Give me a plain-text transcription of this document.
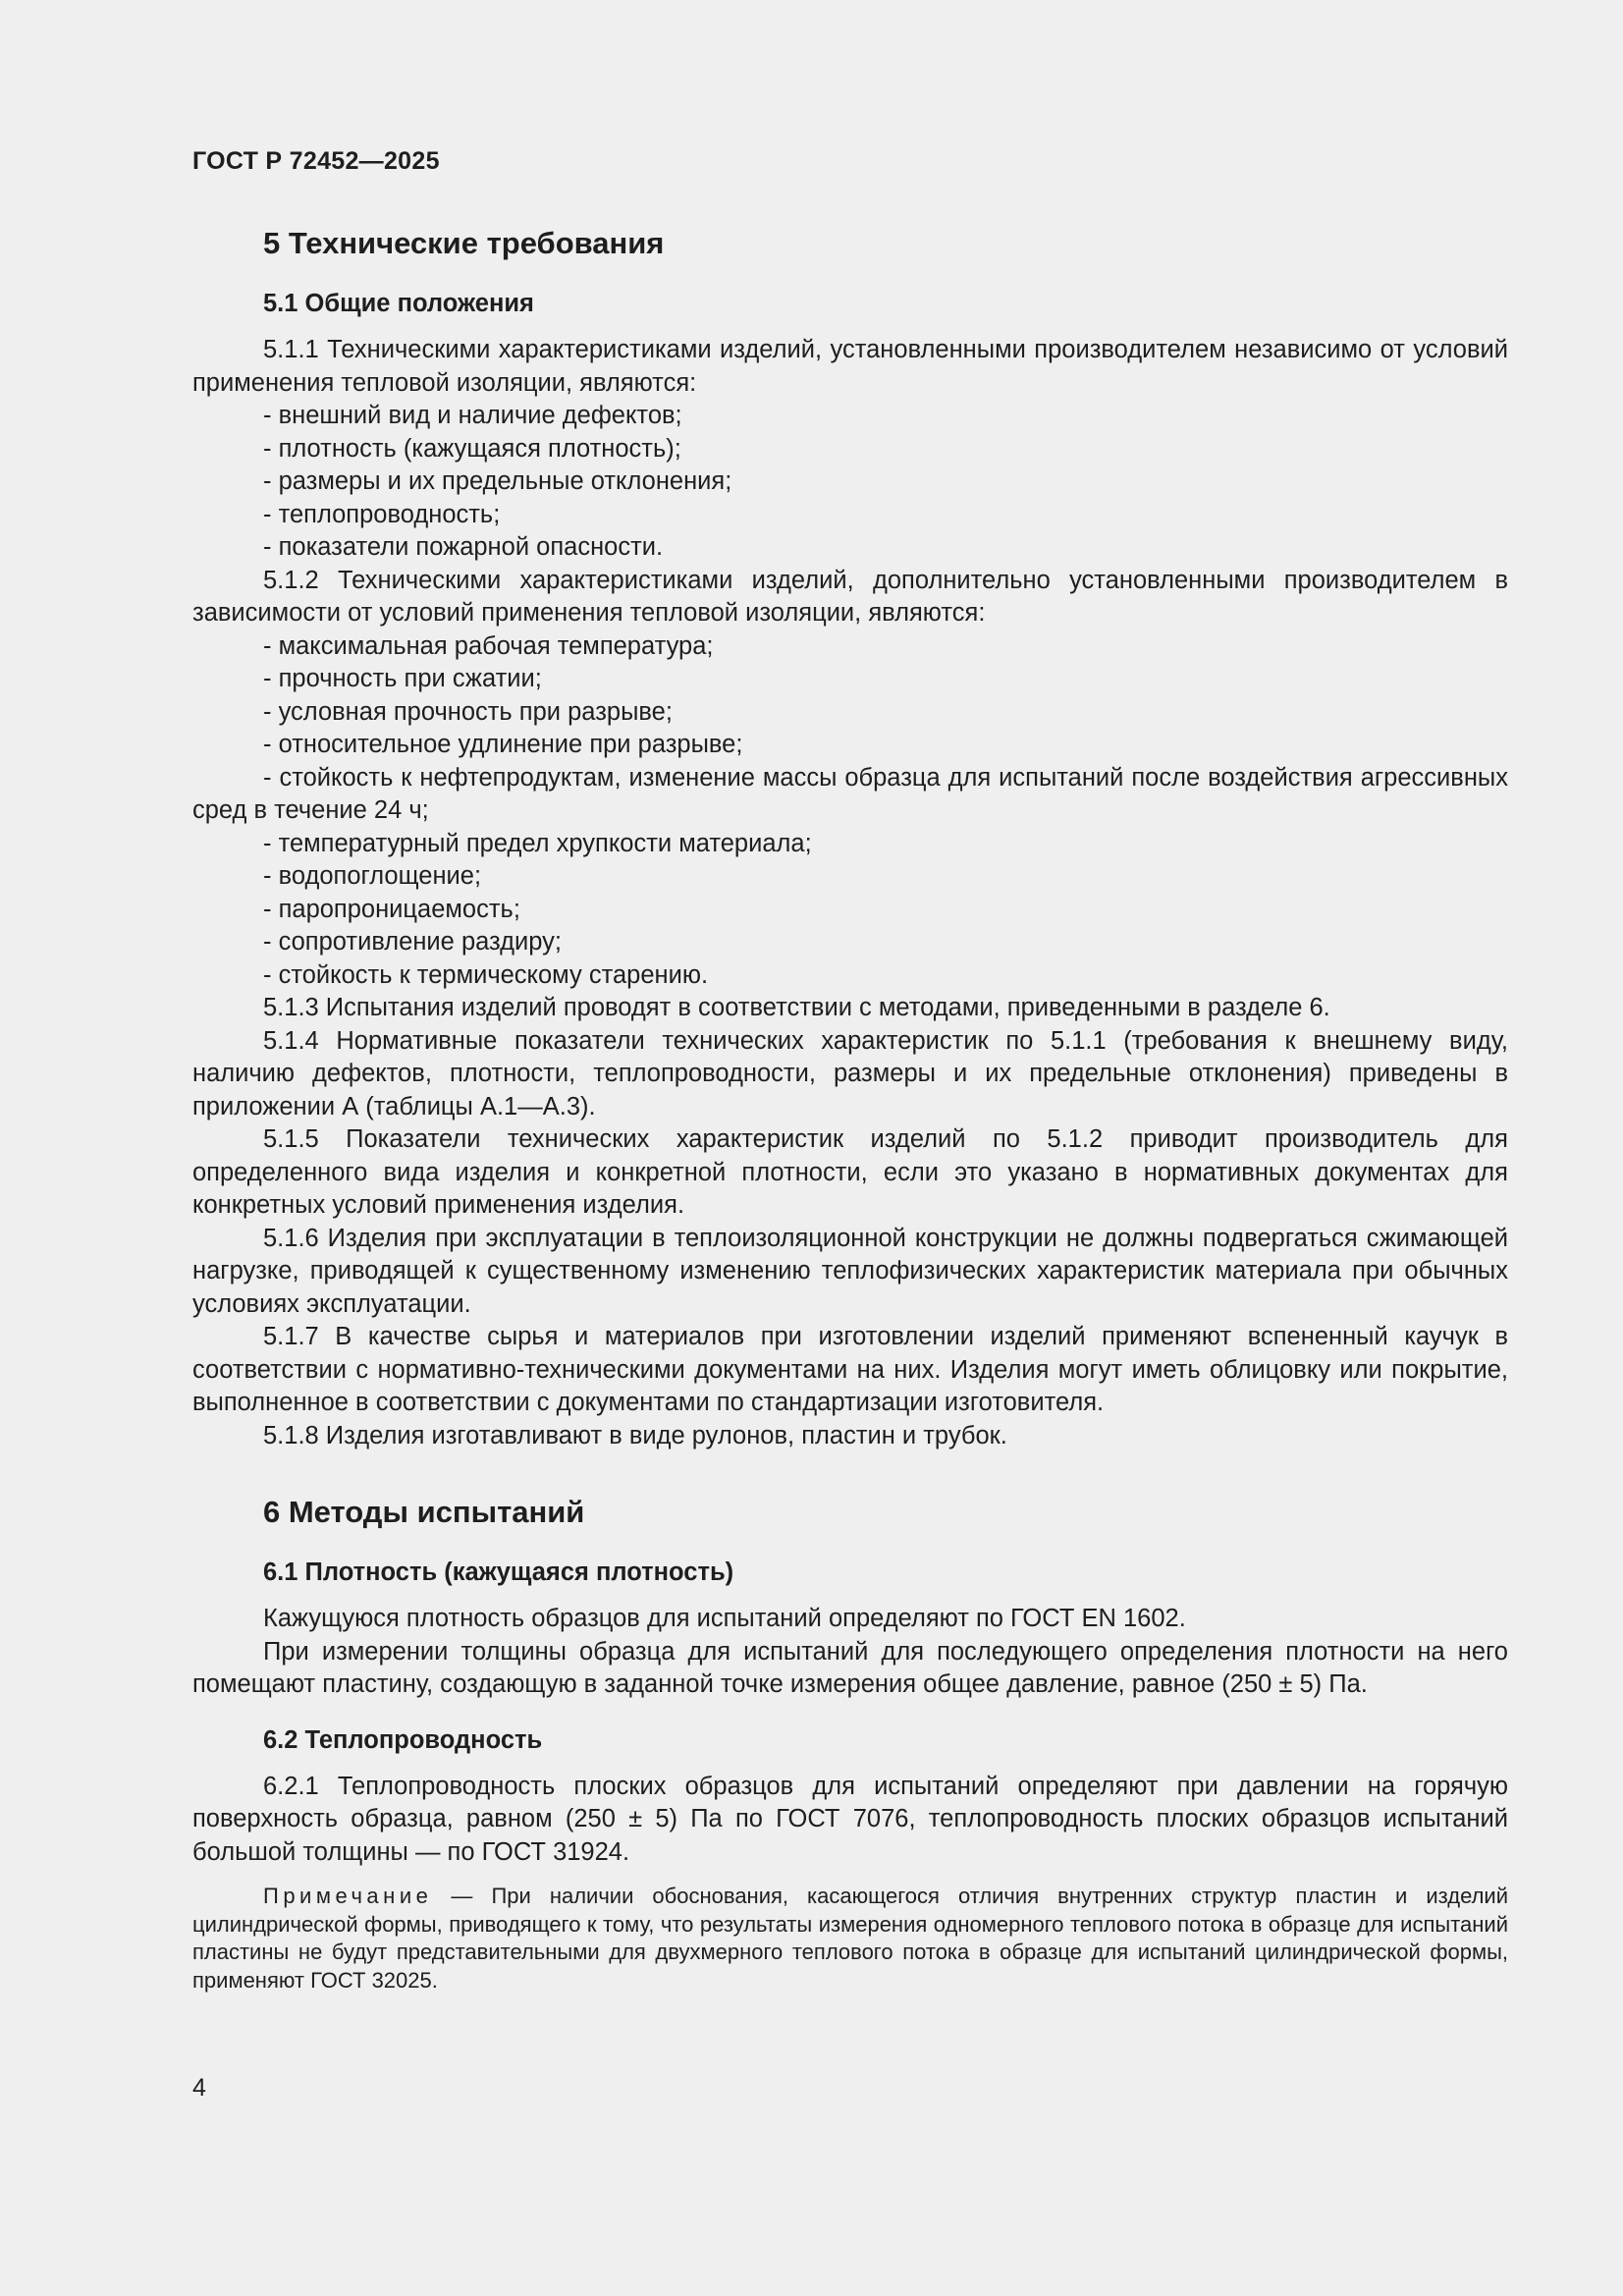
ГОСТ Р 72452—2025
5 Технические требования
5.1 Общие положения

5.1.1 Техническими характеристиками изделий, установленными производителем независимо от условий применения тепловой изоляции, являются:

- внешний вид и наличие дефектов;
- плотность (кажущаяся плотность);
- размеры и их предельные отклонения;
- теплопроводность;
- показатели пожарной опасности.

5.1.2 Техническими характеристиками изделий, дополнительно установленными производителем в зависимости от условий применения тепловой изоляции, являются:

- максимальная рабочая температура;
- прочность при сжатии;
- условная прочность при разрыве;
- относительное удлинение при разрыве;
- стойкость к нефтепродуктам, изменение массы образца для испытаний после воздействия агрессивных сред в течение 24 ч;
- температурный предел хрупкости материала;
- водопоглощение;
- паропроницаемость;
- сопротивление раздиру;
- стойкость к термическому старению.

5.1.3 Испытания изделий проводят в соответствии с методами, приведенными в разделе 6.

5.1.4 Нормативные показатели технических характеристик по 5.1.1 (требования к внешнему виду, наличию дефектов, плотности, теплопроводности, размеры и их предельные отклонения) приведены в приложении А (таблицы А.1—А.3).

5.1.5 Показатели технических характеристик изделий по 5.1.2 приводит производитель для определенного вида изделия и конкретной плотности, если это указано в нормативных документах для конкретных условий применения изделия.

5.1.6 Изделия при эксплуатации в теплоизоляционной конструкции не должны подвергаться сжимающей нагрузке, приводящей к существенному изменению теплофизических характеристик материала при обычных условиях эксплуатации.

5.1.7 В качестве сырья и материалов при изготовлении изделий применяют вспененный каучук в соответствии с нормативно-техническими документами на них. Изделия могут иметь облицовку или покрытие, выполненное в соответствии с документами по стандартизации изготовителя.

5.1.8 Изделия изготавливают в виде рулонов, пластин и трубок.

6 Методы испытаний
6.1 Плотность (кажущаяся плотность)

Кажущуюся плотность образцов для испытаний определяют по ГОСТ EN 1602.

При измерении толщины образца для испытаний для последующего определения плотности на него помещают пластину, создающую в заданной точке измерения общее давление, равное (250 ± 5) Па.

6.2 Теплопроводность

6.2.1 Теплопроводность плоских образцов для испытаний определяют при давлении на горячую поверхность образца, равном (250 ± 5) Па по ГОСТ 7076, теплопроводность плоских образцов испытаний большой толщины — по ГОСТ 31924.

Примечание — При наличии обоснования, касающегося отличия внутренних структур пластин и изделий цилиндрической формы, приводящего к тому, что результаты измерения одномерного теплового потока в образце для испытаний пластины не будут представительными для двухмерного теплового потока в образце для испытаний цилиндрической формы, применяют ГОСТ 32025.

4
